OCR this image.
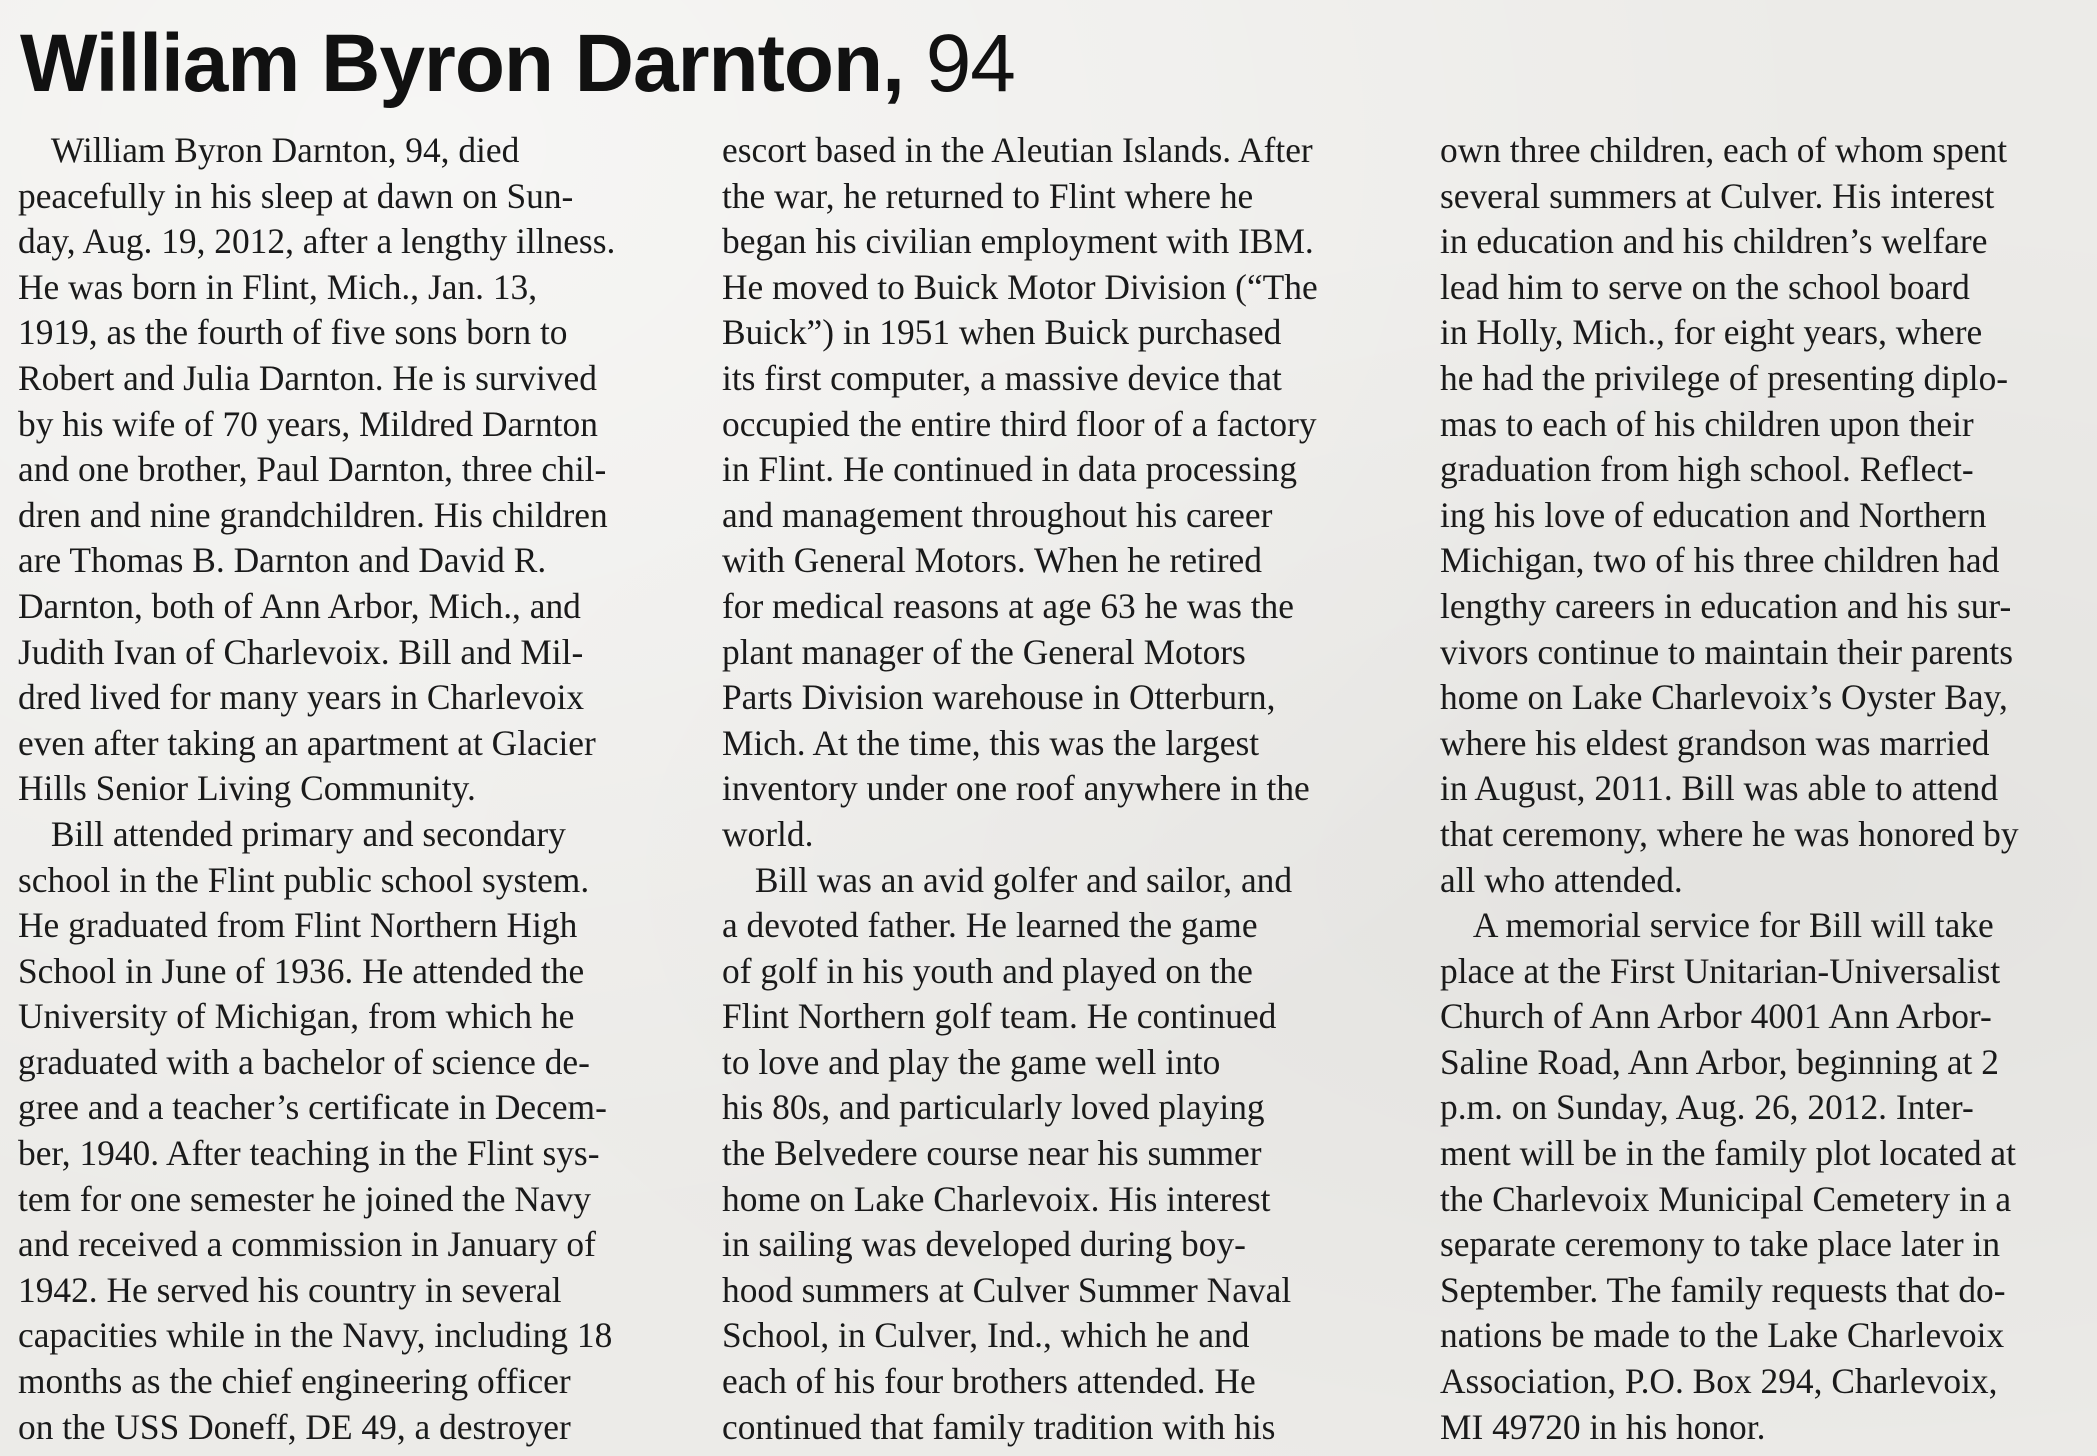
William Byron Darnton, 94
William Byron Darnton, 94, died
peacefully in his sleep at dawn on Sun-
day, Aug. 19, 2012, after a lengthy illness.
He was born in Flint, Mich., Jan. 13,
1919, as the fourth of five sons born to
Robert and Julia Darnton. He is survived
by his wife of 70 years, Mildred Darnton
and one brother, Paul Darnton, three chil-
dren and nine grandchildren. His children
are Thomas B. Darnton and David R.
Darnton, both of Ann Arbor, Mich., and
Judith Ivan of Charlevoix. Bill and Mil-
dred lived for many years in Charlevoix
even after taking an apartment at Glacier
Hills Senior Living Community.
Bill attended primary and secondary
school in the Flint public school system.
He graduated from Flint Northern High
School in June of 1936. He attended the
University of Michigan, from which he
graduated with a bachelor of science de-
gree and a teacher’s certificate in Decem-
ber, 1940. After teaching in the Flint sys-
tem for one semester he joined the Navy
and received a commission in January of
1942. He served his country in several
capacities while in the Navy, including 18
months as the chief engineering officer
on the USS Doneff, DE 49, a destroyer
escort based in the Aleutian Islands. After
the war, he returned to Flint where he
began his civilian employment with IBM.
He moved to Buick Motor Division (“The
Buick”) in 1951 when Buick purchased
its first computer, a massive device that
occupied the entire third floor of a factory
in Flint. He continued in data processing
and management throughout his career
with General Motors. When he retired
for medical reasons at age 63 he was the
plant manager of the General Motors
Parts Division warehouse in Otterburn,
Mich. At the time, this was the largest
inventory under one roof anywhere in the
world.
Bill was an avid golfer and sailor, and
a devoted father. He learned the game
of golf in his youth and played on the
Flint Northern golf team. He continued
to love and play the game well into
his 80s, and particularly loved playing
the Belvedere course near his summer
home on Lake Charlevoix. His interest
in sailing was developed during boy-
hood summers at Culver Summer Naval
School, in Culver, Ind., which he and
each of his four brothers attended. He
continued that family tradition with his
own three children, each of whom spent
several summers at Culver. His interest
in education and his children’s welfare
lead him to serve on the school board
in Holly, Mich., for eight years, where
he had the privilege of presenting diplo-
mas to each of his children upon their
graduation from high school. Reflect-
ing his love of education and Northern
Michigan, two of his three children had
lengthy careers in education and his sur-
vivors continue to maintain their parents
home on Lake Charlevoix’s Oyster Bay,
where his eldest grandson was married
in August, 2011. Bill was able to attend
that ceremony, where he was honored by
all who attended.
A memorial service for Bill will take
place at the First Unitarian-Universalist
Church of Ann Arbor 4001 Ann Arbor-
Saline Road, Ann Arbor, beginning at 2
p.m. on Sunday, Aug. 26, 2012. Inter-
ment will be in the family plot located at
the Charlevoix Municipal Cemetery in a
separate ceremony to take place later in
September. The family requests that do-
nations be made to the Lake Charlevoix
Association, P.O. Box 294, Charlevoix,
MI 49720 in his honor.
